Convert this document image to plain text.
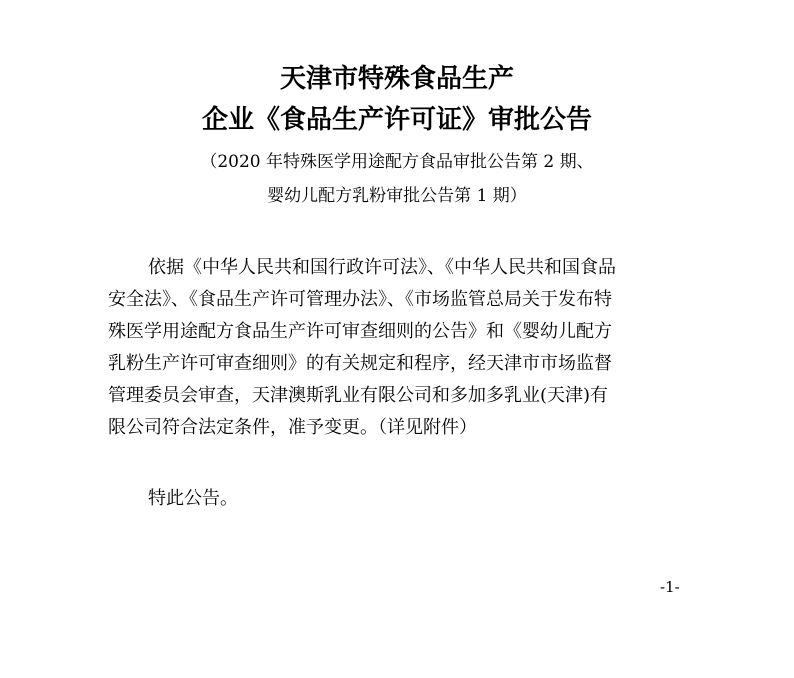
天津市特殊食品生产
企业《食品生产许可证》审批公告
（2020 年特殊医学用途配方食品审批公告第 2 期、
婴幼儿配方乳粉审批公告第 1 期）
依据《中华人民共和国行政许可法》、《中华人民共和国食品
安全法》、《食品生产许可管理办法》、《市场监管总局关于发布特
殊医学用途配方食品生产许可审查细则的公告》和《婴幼儿配方
乳粉生产许可审查细则》的有关规定和程序，经天津市市场监督
管理委员会审查，天津澳斯乳业有限公司和多加多乳业(天津)有
限公司符合法定条件，准予变更。（详见附件）
特此公告。
-1-
